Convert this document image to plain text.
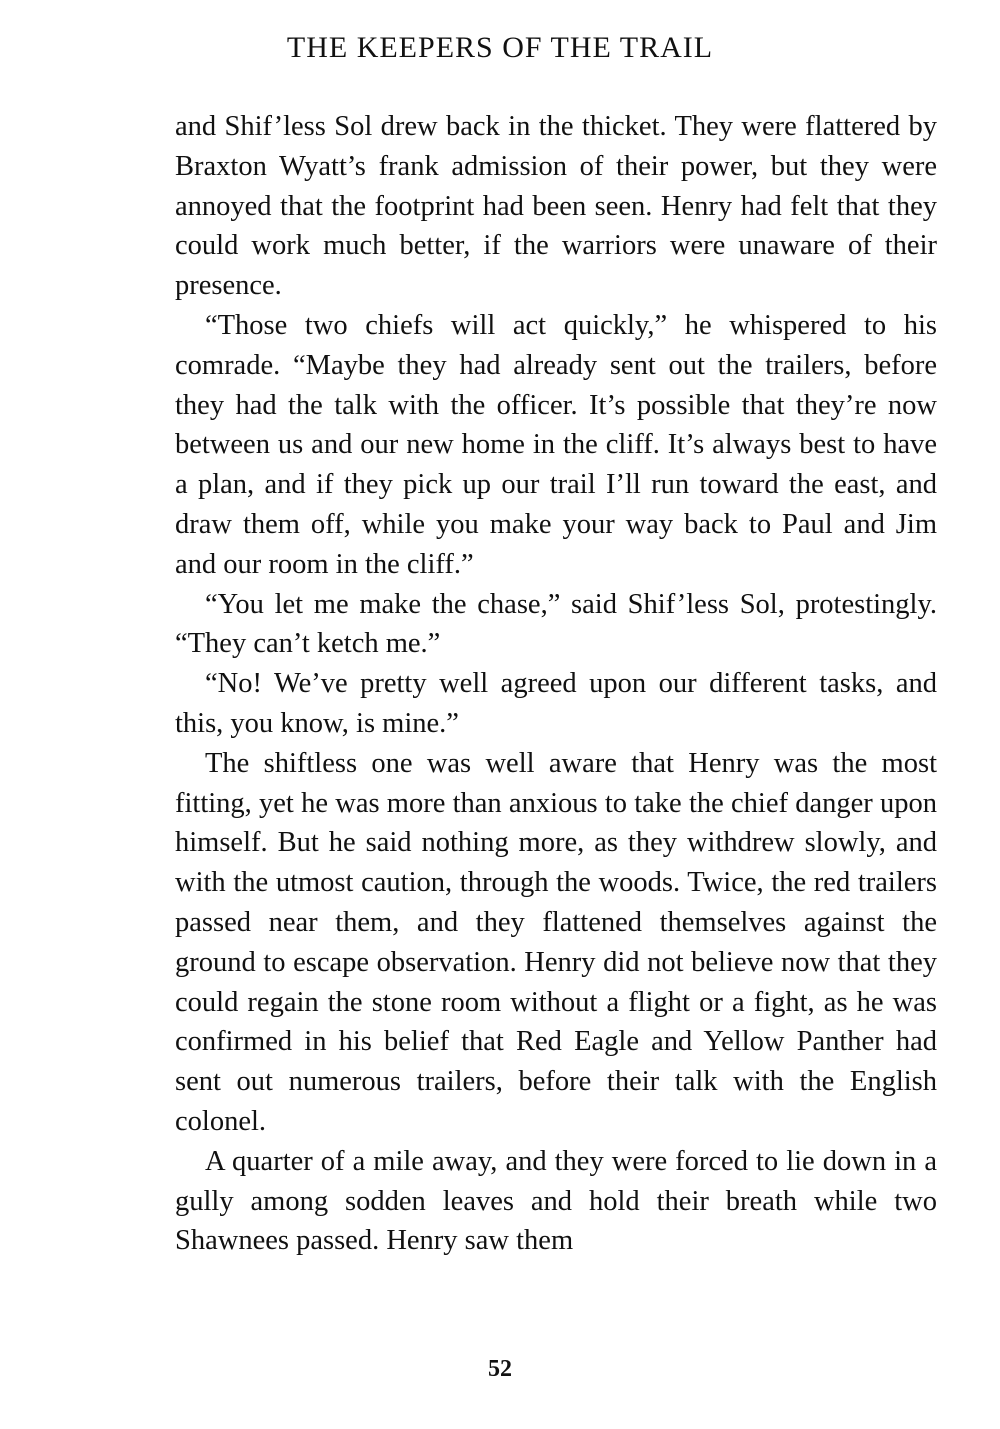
THE KEEPERS OF THE TRAIL

and Shif’less Sol drew back in the thicket. They were flattered by Braxton Wyatt’s frank admission of their power, but they were annoyed that the footprint had been seen. Henry had felt that they could work much better, if the warriors were unaware of their presence.

“Those two chiefs will act quickly,” he whispered to his comrade. “Maybe they had already sent out the trailers, before they had the talk with the officer. It’s possible that they’re now between us and our new home in the cliff. It’s always best to have a plan, and if they pick up our trail I’ll run toward the east, and draw them off, while you make your way back to Paul and Jim and our room in the cliff.”

“You let me make the chase,” said Shif’less Sol, protestingly. “They can’t ketch me.”

“No! We’ve pretty well agreed upon our different tasks, and this, you know, is mine.”

The shiftless one was well aware that Henry was the most fitting, yet he was more than anxious to take the chief danger upon himself. But he said nothing more, as they withdrew slowly, and with the utmost caution, through the woods. Twice, the red trailers passed near them, and they flattened themselves against the ground to escape observation. Henry did not believe now that they could regain the stone room without a flight or a fight, as he was confirmed in his belief that Red Eagle and Yellow Panther had sent out numerous trailers, before their talk with the English colonel.

A quarter of a mile away, and they were forced to lie down in a gully among sodden leaves and hold their breath while two Shawnees passed. Henry saw them

52
